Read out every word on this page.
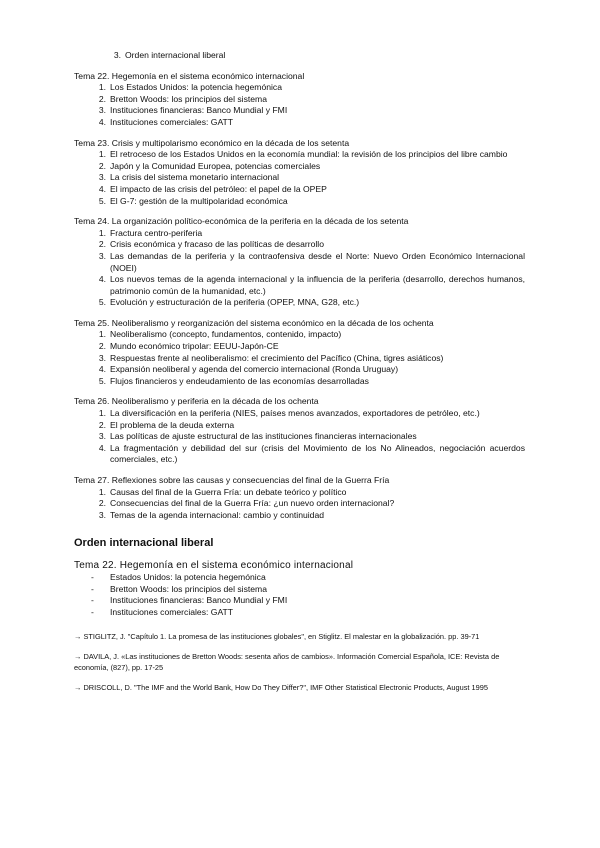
3. Orden internacional liberal
Tema 22. Hegemonía en el sistema económico internacional
1. Los Estados Unidos: la potencia hegemónica
2. Bretton Woods: los principios del sistema
3. Instituciones financieras: Banco Mundial y FMI
4. Instituciones comerciales: GATT
Tema 23. Crisis y multipolarismo económico en la década de los setenta
1. El retroceso de los Estados Unidos en la economía mundial: la revisión de los principios del libre cambio
2. Japón y la Comunidad Europea, potencias comerciales
3. La crisis del sistema monetario internacional
4. El impacto de las crisis del petróleo: el papel de la OPEP
5. El G-7: gestión de la multipolaridad económica
Tema 24. La organización político-económica de la periferia en la década de los setenta
1. Fractura centro-periferia
2. Crisis económica y fracaso de las políticas de desarrollo
3. Las demandas de la periferia y la contraofensiva desde el Norte: Nuevo Orden Económico Internacional (NOEI)
4. Los nuevos temas de la agenda internacional y la influencia de la periferia (desarrollo, derechos humanos, patrimonio común de la humanidad, etc.)
5. Evolución y estructuración de la periferia (OPEP, MNA, G28, etc.)
Tema 25. Neoliberalismo y reorganización del sistema económico en la década de los ochenta
1. Neoliberalismo (concepto, fundamentos, contenido, impacto)
2. Mundo económico tripolar: EEUU-Japón-CE
3. Respuestas frente al neoliberalismo: el crecimiento del Pacífico (China, tigres asiáticos)
4. Expansión neoliberal y agenda del comercio internacional (Ronda Uruguay)
5. Flujos financieros y endeudamiento de las economías desarrolladas
Tema 26. Neoliberalismo y periferia en la década de los ochenta
1. La diversificación en la periferia (NIES, países menos avanzados, exportadores de petróleo, etc.)
2. El problema de la deuda externa
3. Las políticas de ajuste estructural de las instituciones financieras internacionales
4. La fragmentación y debilidad del sur (crisis del Movimiento de los No Alineados, negociación acuerdos comerciales, etc.)
Tema 27. Reflexiones sobre las causas y consecuencias del final de la Guerra Fría
1. Causas del final de la Guerra Fría: un debate teórico y político
2. Consecuencias del final de la Guerra Fría: ¿un nuevo orden internacional?
3. Temas de la agenda internacional: cambio y continuidad
Orden internacional liberal
Tema 22. Hegemonía en el sistema económico internacional
- Estados Unidos: la potencia hegemónica
- Bretton Woods: los principios del sistema
- Instituciones financieras: Banco Mundial y FMI
- Instituciones comerciales: GATT
→ STIGLITZ, J. "Capítulo 1. La promesa de las instituciones globales", en Stiglitz. El malestar en la globalización. pp. 39-71
→ DAVILA, J. «Las instituciones de Bretton Woods: sesenta años de cambios». Información Comercial Española, ICE: Revista de economía, (827), pp. 17-25
→ DRISCOLL, D. "The IMF and the World Bank, How Do They Differ?", IMF Other Statistical Electronic Products, August 1995
